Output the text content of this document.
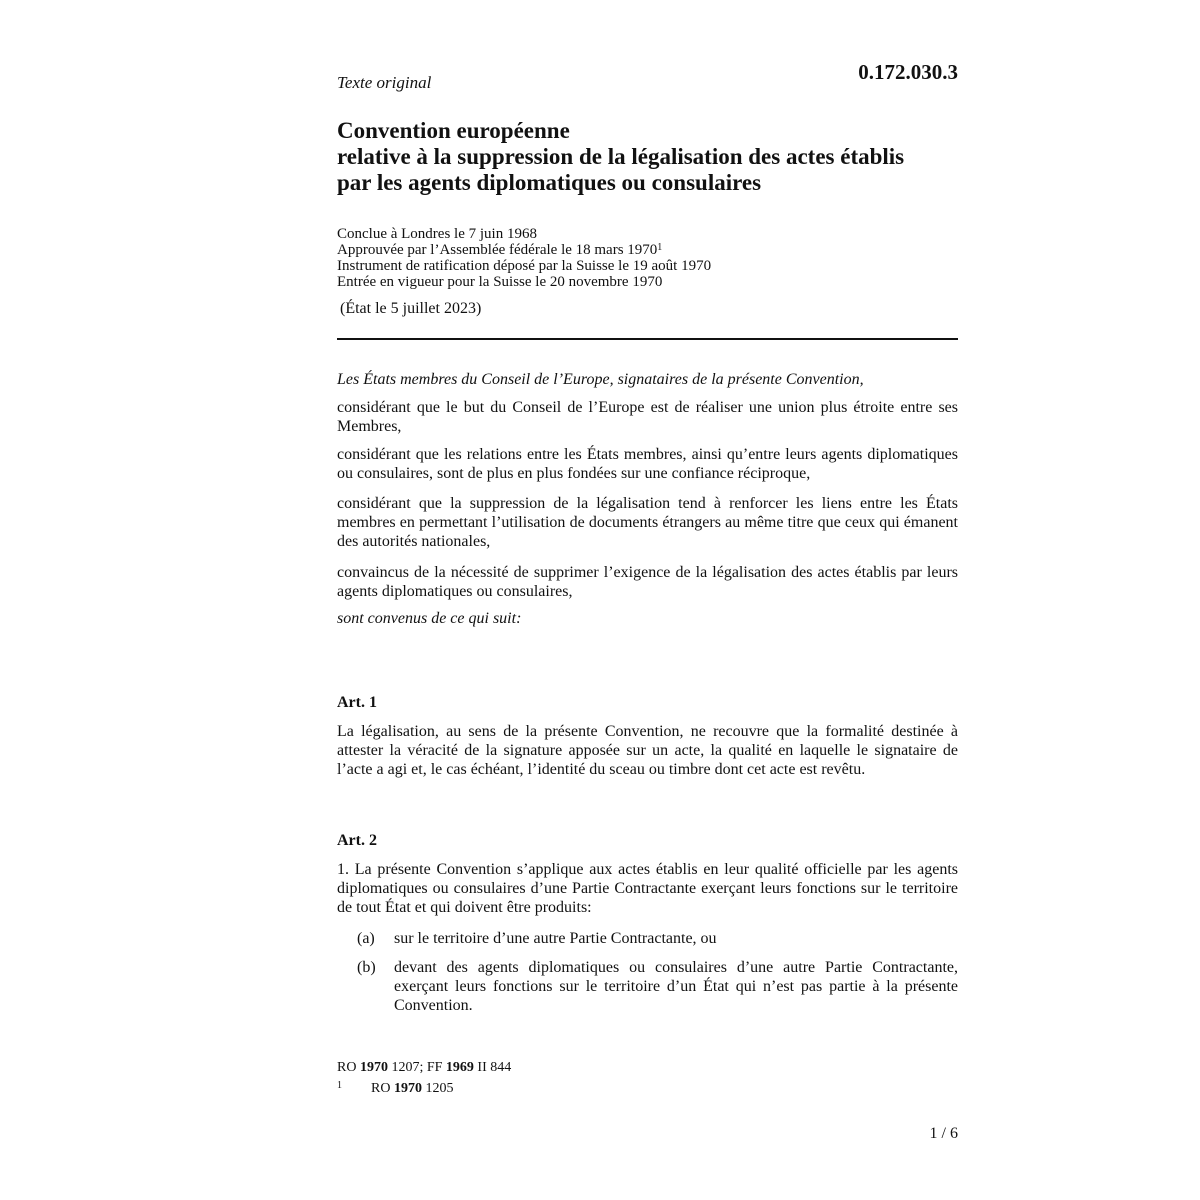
Texte original	0.172.030.3
Convention européenne
relative à la suppression de la légalisation des actes établis
par les agents diplomatiques ou consulaires
Conclue à Londres le 7 juin 1968
Approuvée par l’Assemblée fédérale le 18 mars 1970$^1$
Instrument de ratification déposé par la Suisse le 19 août 1970
Entrée en vigueur pour la Suisse le 20 novembre 1970
(État le 5 juillet 2023)
Les États membres du Conseil de l’Europe, signataires de la présente Convention,
considérant que le but du Conseil de l’Europe est de réaliser une union plus étroite entre ses Membres,
considérant que les relations entre les États membres, ainsi qu’entre leurs agents diplomatiques ou consulaires, sont de plus en plus fondées sur une confiance réciproque,
considérant que la suppression de la légalisation tend à renforcer les liens entre les États membres en permettant l’utilisation de documents étrangers au même titre que ceux qui émanent des autorités nationales,
convaincus de la nécessité de supprimer l’exigence de la légalisation des actes établis par leurs agents diplomatiques ou consulaires,
sont convenus de ce qui suit:
Art. 1
La légalisation, au sens de la présente Convention, ne recouvre que la formalité destinée à attester la véracité de la signature apposée sur un acte, la qualité en laquelle le signataire de l’acte a agi et, le cas échéant, l’identité du sceau ou timbre dont cet acte est revêtu.
Art. 2
1. La présente Convention s’applique aux actes établis en leur qualité officielle par les agents diplomatiques ou consulaires d’une Partie Contractante exerçant leurs fonctions sur le territoire de tout État et qui doivent être produits:
(a)	sur le territoire d’une autre Partie Contractante, ou
(b)	devant des agents diplomatiques ou consulaires d’une autre Partie Contractante, exerçant leurs fonctions sur le territoire d’un État qui n’est pas partie à la présente Convention.
RO 1970 1207; FF 1969 II 844
1 RO 1970 1205
1 / 6
